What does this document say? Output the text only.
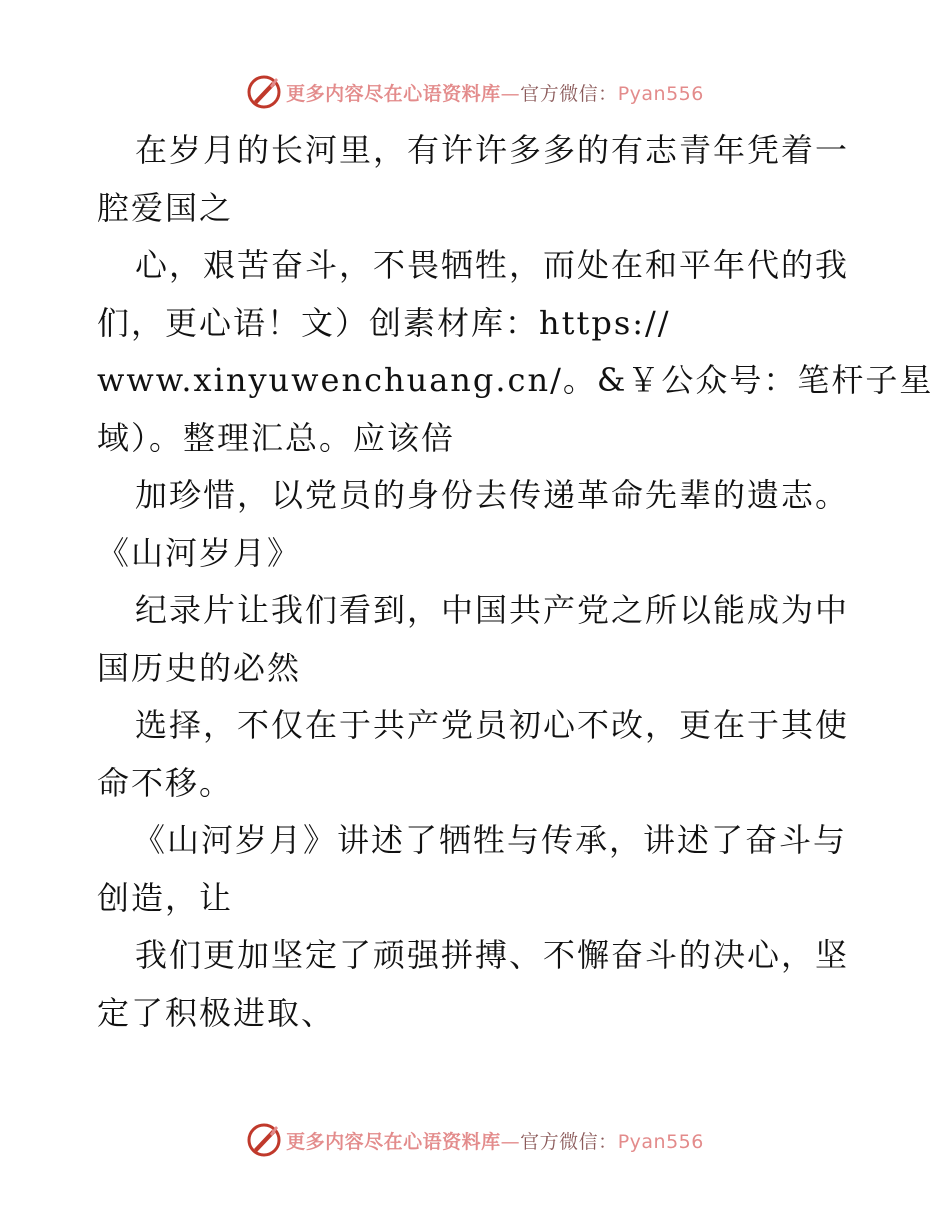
更多内容尽在心语资料库—官方微信：Pyan556
在岁月的长河里，有许许多多的有志青年凭着一
腔爱国之
心，艰苦奋斗，不畏牺牲，而处在和平年代的我
们，更心语！文）创素材库：https://
www.xinyuwenchuang.cn/。&￥公众号：笔杆子星
域）。整理汇总。应该倍
加珍惜，以党员的身份去传递革命先辈的遗志。
《山河岁月》
纪录片让我们看到，中国共产党之所以能成为中
国历史的必然
选择，不仅在于共产党员初心不改，更在于其使
命不移。
《山河岁月》讲述了牺牲与传承，讲述了奋斗与
创造，让
我们更加坚定了顽强拼搏、不懈奋斗的决心，坚
定了积极进取、
更多内容尽在心语资料库—官方微信：Pyan556
